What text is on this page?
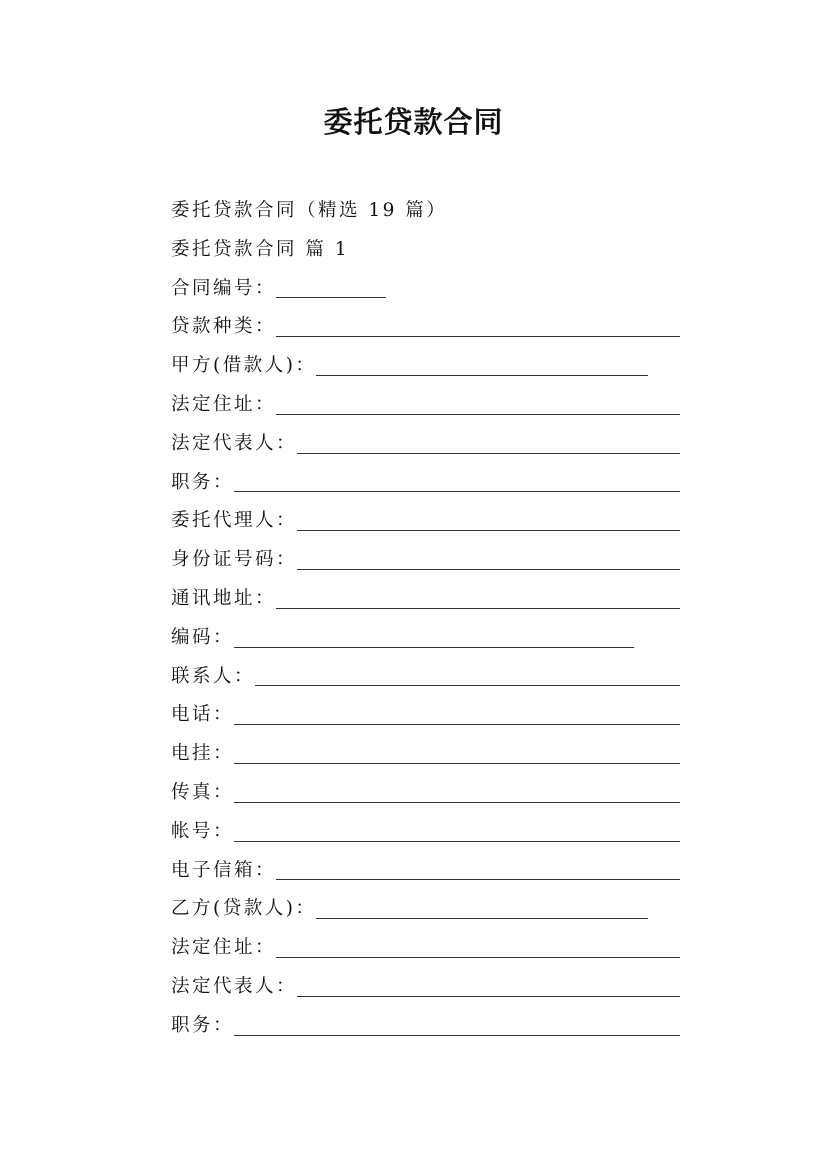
委托贷款合同
委托贷款合同（精选 19 篇）
委托贷款合同 篇 1
合同编号：
贷款种类：
甲方(借款人)：
法定住址：
法定代表人：
职务：
委托代理人：
身份证号码：
通讯地址：
编码：
联系人：
电话：
电挂：
传真：
帐号：
电子信箱：
乙方(贷款人)：
法定住址：
法定代表人：
职务：
